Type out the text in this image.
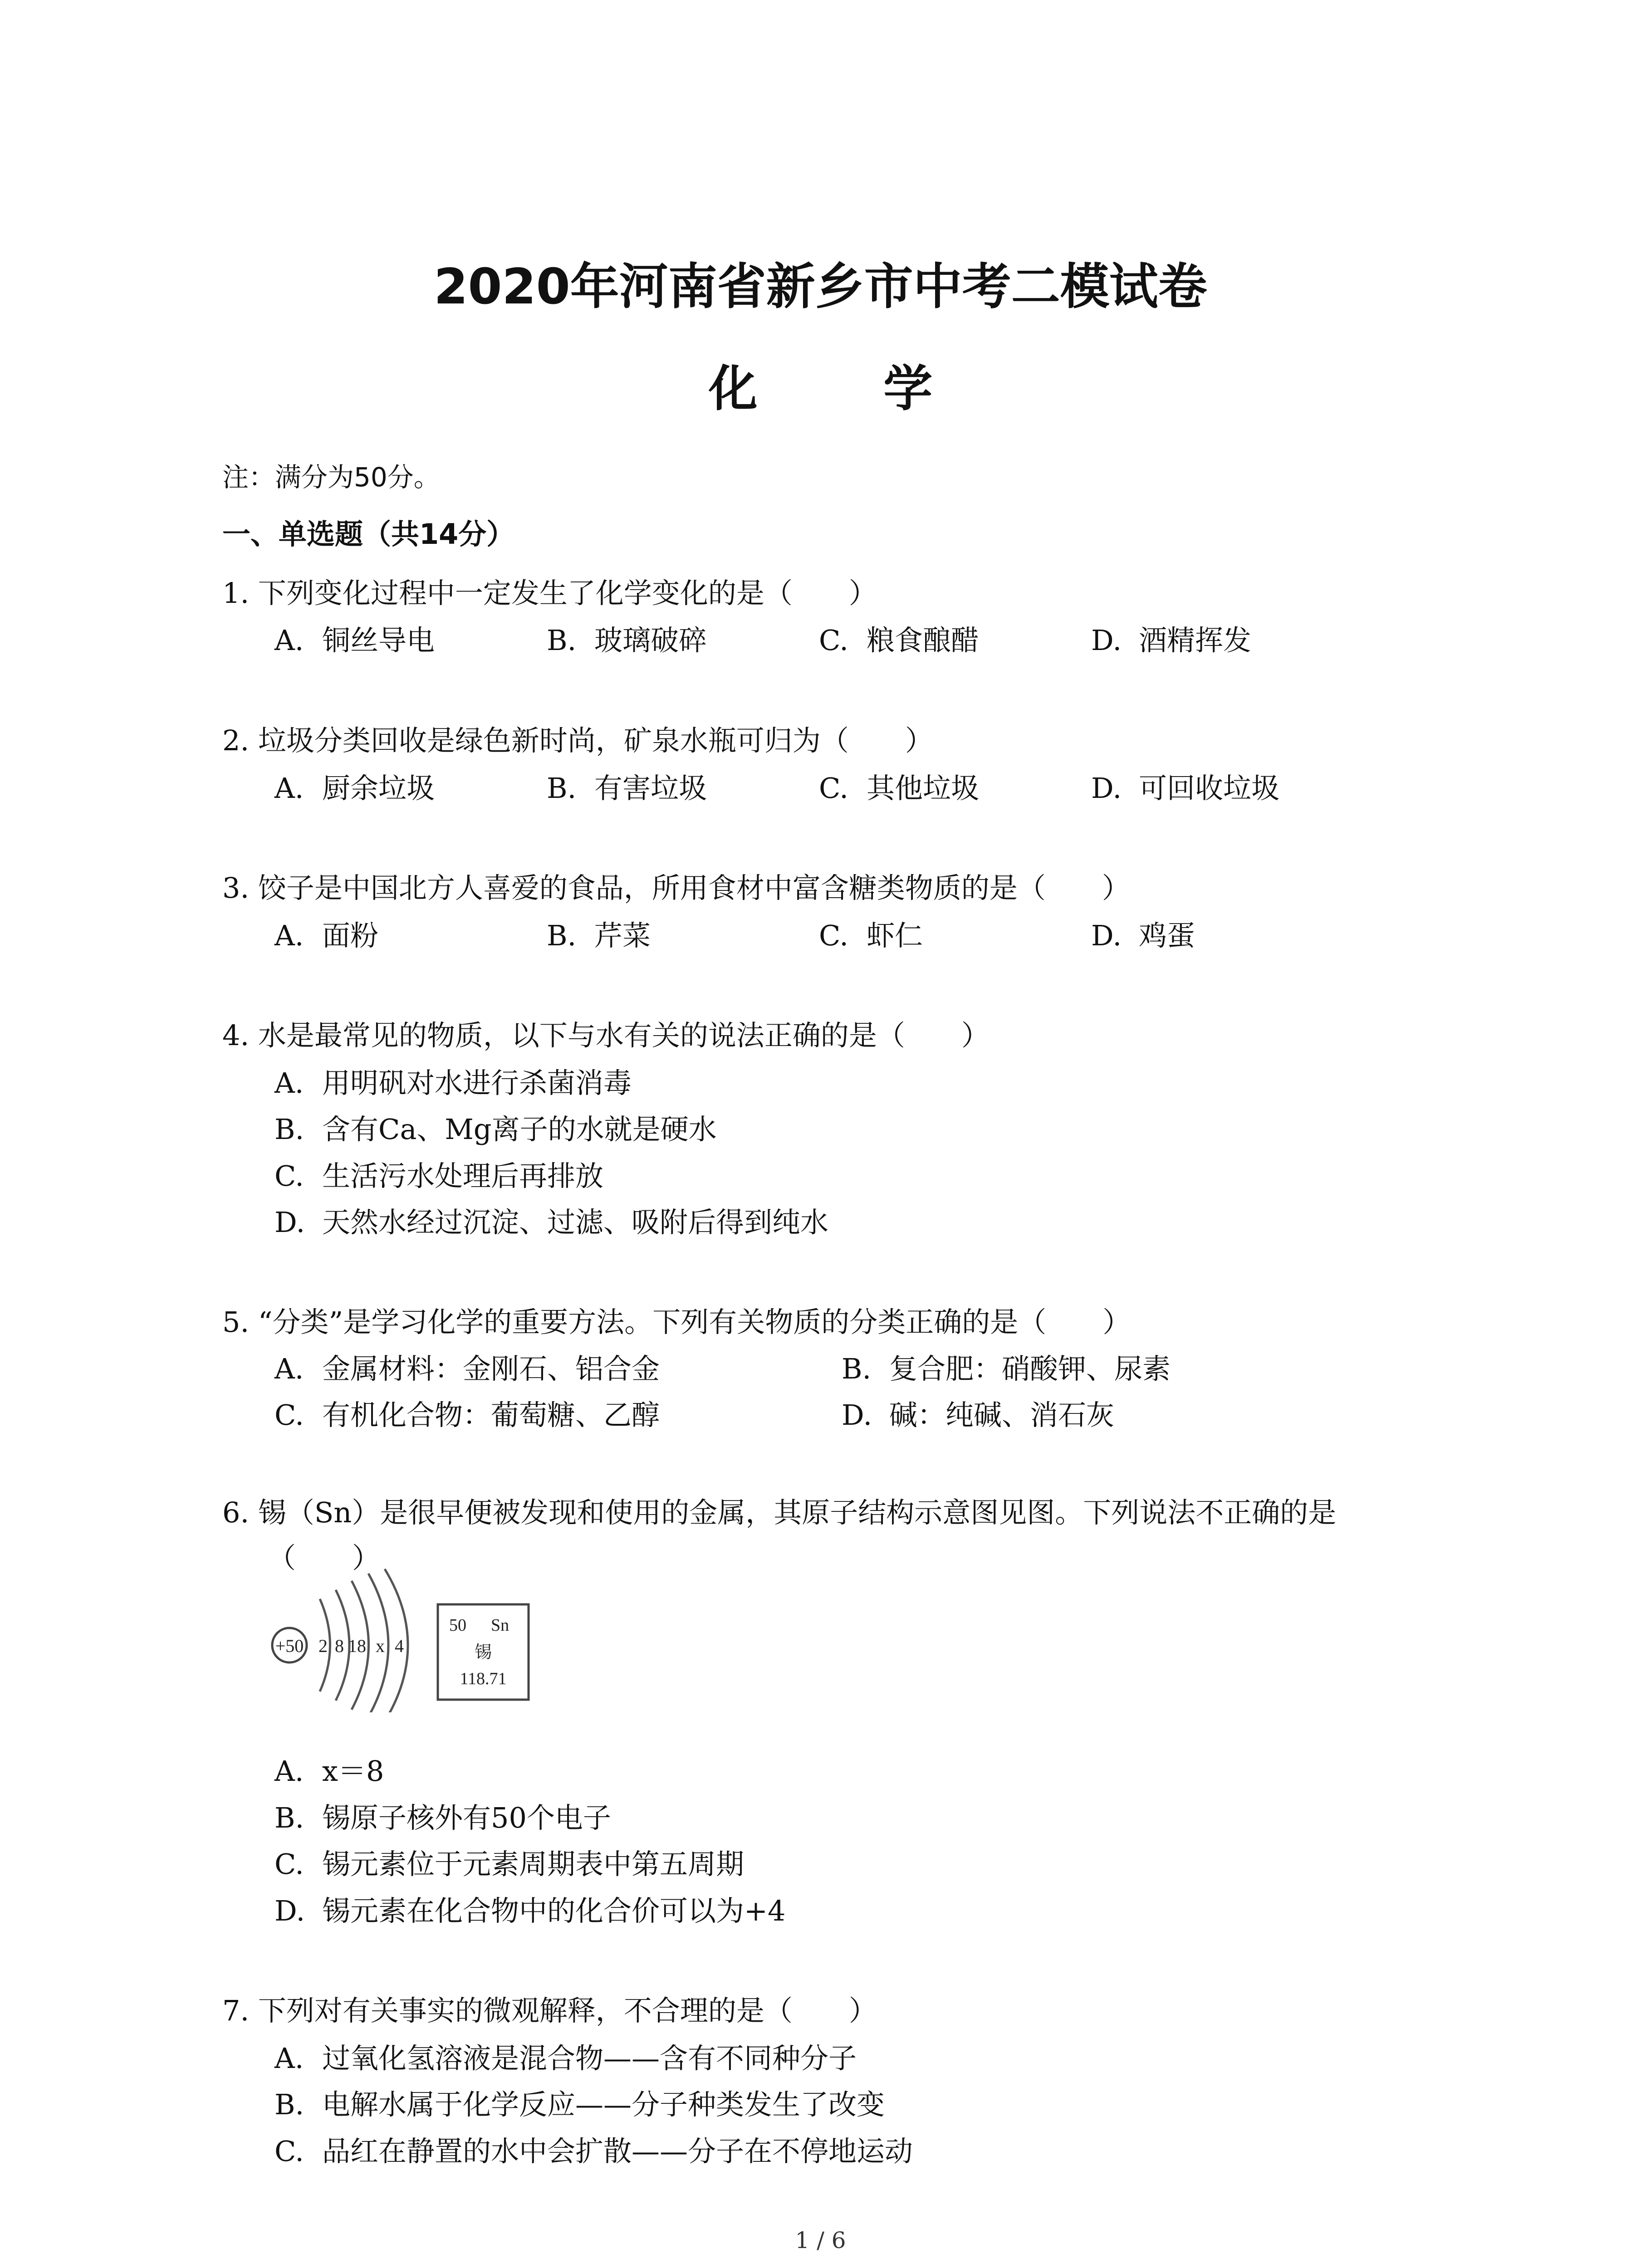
2020年河南省新乡市中考二模试卷
化 学
注：满分为50分。
一、单选题（共14分）
1. 下列变化过程中一定发生了化学变化的是（　　）
A. 铜丝导电	B. 玻璃破碎	C. 粮食酿醋	D. 酒精挥发
2. 垃圾分类回收是绿色新时尚，矿泉水瓶可归为（　　）
A. 厨余垃圾	B. 有害垃圾	C. 其他垃圾	D. 可回收垃圾
3. 饺子是中国北方人喜爱的食品，所用食材中富含糖类物质的是（　　）
A. 面粉	B. 芹菜	C. 虾仁	D. 鸡蛋
4. 水是最常见的物质，以下与水有关的说法正确的是（　　）
A. 用明矾对水进行杀菌消毒
B. 含有Ca、Mg离子的水就是硬水
C. 生活污水处理后再排放
D. 天然水经过沉淀、过滤、吸附后得到纯水
5. “分类”是学习化学的重要方法。下列有关物质的分类正确的是（　　）
A. 金属材料：金刚石、铝合金	B. 复合肥：硝酸钾、尿素
C. 有机化合物：葡萄糖、乙醇	D. 碱：纯碱、消石灰
6. 锡（Sn）是很早便被发现和使用的金属，其原子结构示意图见图。下列说法不正确的是
（　　）
+50 2 8 18 x 4
50 Sn
锡
118.71
A. x＝8
B. 锡原子核外有50个电子
C. 锡元素位于元素周期表中第五周期
D. 锡元素在化合物中的化合价可以为+4
7. 下列对有关事实的微观解释，不合理的是（　　）
A. 过氧化氢溶液是混合物——含有不同种分子
B. 电解水属于化学反应——分子种类发生了改变
C. 品红在静置的水中会扩散——分子在不停地运动
1 / 6
